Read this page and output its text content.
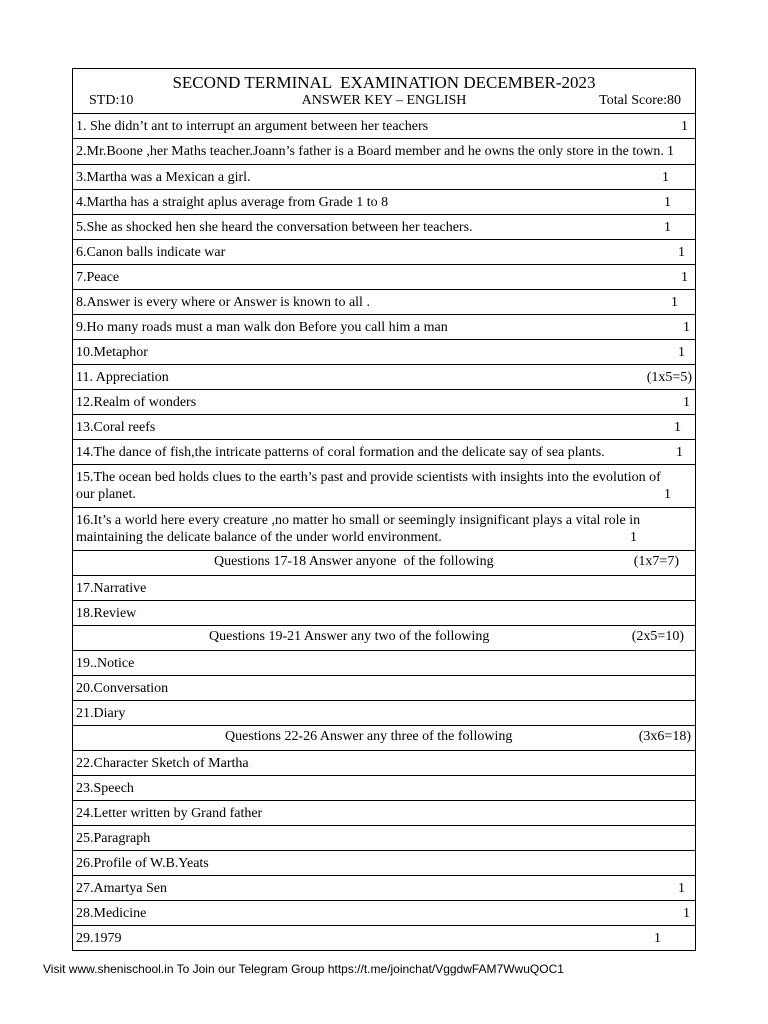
SECOND TERMINAL  EXAMINATION DECEMBER-2023
STD:10	ANSWER KEY – ENGLISH	Total Score:80
1. She didn’t ant to interrupt an argument between her teachers	1
2.Mr.Boone ,her Maths teacher.Joann’s father is a Board member and he owns the only store in the town. 1
3.Martha was a Mexican a girl.	1
4.Martha has a straight aplus average from Grade 1 to 8	1
5.She as shocked hen she heard the conversation between her teachers.	1
6.Canon balls indicate war	1
7.Peace	1
8.Answer is every where or Answer is known to all .	1
9.Ho many roads must a man walk don Before you call him a man	1
10.Metaphor	1
11. Appreciation	(1x5=5)
12.Realm of wonders	1
13.Coral reefs	1
14.The dance of fish,the intricate patterns of coral formation and the delicate say of sea plants.	1
15.The ocean bed holds clues to the earth’s past and provide scientists with insights into the evolution of our planet.	1
16.It’s a world here every creature ,no matter ho small or seemingly insignificant plays a vital role in maintaining the delicate balance of the under world environment.	1
Questions 17-18 Answer anyone  of the following	(1x7=7)
17.Narrative
18.Review
Questions 19-21 Answer any two of the following	(2x5=10)
19..Notice
20.Conversation
21.Diary
Questions 22-26 Answer any three of the following	(3x6=18)
22.Character Sketch of Martha
23.Speech
24.Letter written by Grand father
25.Paragraph
26.Profile of W.B.Yeats
27.Amartya Sen	1
28.Medicine	1
29.1979	1
Visit www.shenischool.in To Join our Telegram Group https://t.me/joinchat/VggdwFAM7WwuQOC1
